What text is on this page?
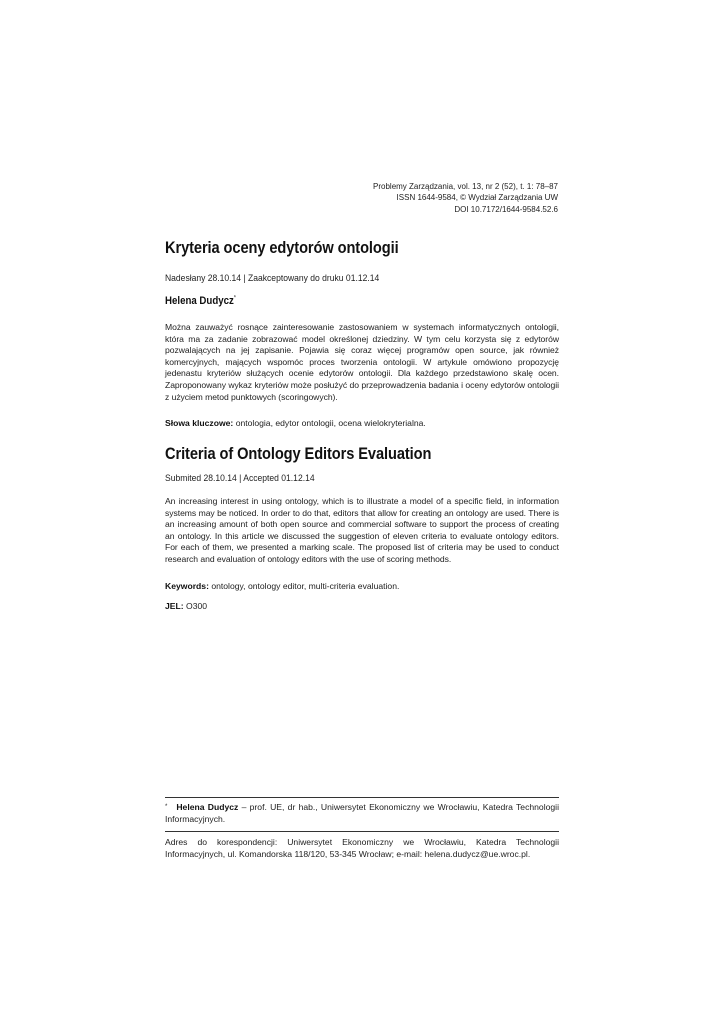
Problemy Zarządzania, vol. 13, nr 2 (52), t. 1: 78–87
ISSN 1644-9584, © Wydział Zarządzania UW
DOI 10.7172/1644-9584.52.6
Kryteria oceny edytorów ontologii
Nadesłany 28.10.14 | Zaakceptowany do druku 01.12.14
Helena Dudycz*

Można zauważyć rosnące zainteresowanie zastosowaniem w systemach informatycznych ontologii, która ma za zadanie zobrazować model określonej dziedziny. W tym celu korzysta się z edytorów pozwalających na jej zapisanie. Pojawia się coraz więcej programów open source, jak również komercyjnych, mających wspomóc proces tworzenia ontologii. W artykule omówiono propozycję jedenastu kryteriów służących ocenie edytorów ontologii. Dla każdego przedstawiono skalę ocen. Zaproponowany wykaz kryteriów może posłużyć do przeprowadzenia badania i oceny edytorów ontologii z użyciem metod punktowych (scoringowych).

Słowa kluczowe: ontologia, edytor ontologii, ocena wielokryterialna.

Criteria of Ontology Editors Evaluation
Submited 28.10.14 | Accepted 01.12.14

An increasing interest in using ontology, which is to illustrate a model of a specific field, in information systems may be noticed. In order to do that, editors that allow for creating an ontology are used. There is an increasing amount of both open source and commercial software to support the process of creating an ontology. In this article we discussed the suggestion of eleven criteria to evaluate ontology editors. For each of them, we presented a marking scale. The proposed list of criteria may be used to conduct research and evaluation of ontology editors with the use of scoring methods.

Keywords: ontology, ontology editor, multi-criteria evaluation.

JEL: O300

* Helena Dudycz – prof. UE, dr hab., Uniwersytet Ekonomiczny we Wrocławiu, Katedra Technologii Informacyjnych.
Adres do korespondencji: Uniwersytet Ekonomiczny we Wrocławiu, Katedra Technologii Informacyjnych, ul. Komandorska 118/120, 53-345 Wrocław; e-mail: helena.dudycz@ue.wroc.pl.
